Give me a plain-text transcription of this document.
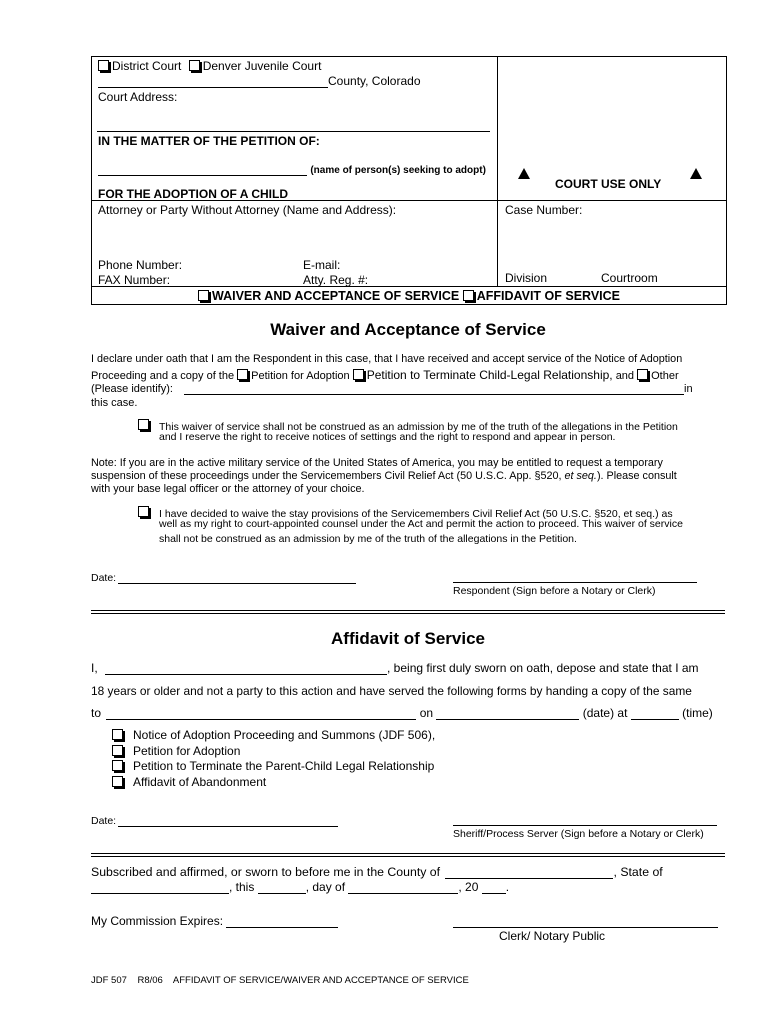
District Court Denver Juvenile Court
County, Colorado
Court Address:
IN THE MATTER OF THE PETITION OF:
(name of person(s) seeking to adopt)
FOR THE ADOPTION OF A CHILD
COURT USE ONLY
Attorney or Party Without Attorney (Name and Address):	Case Number:
Phone Number:	E-mail:
FAX Number:	Atty. Reg. #:	Division	Courtroom
WAIVER AND ACCEPTANCE OF SERVICE AFFIDAVIT OF SERVICE
Waiver and Acceptance of Service
I declare under oath that I am the Respondent in this case, that I have received and accept service of the Notice of Adoption
Proceeding and a copy of the Petition for Adoption Petition to Terminate Child-Legal Relationship, and Other
(Please identify):	in
this case.
This waiver of service shall not be construed as an admission by me of the truth of the allegations in the Petition
and I reserve the right to receive notices of settings and the right to respond and appear in person.
Note: If you are in the active military service of the United States of America, you may be entitled to request a temporary
suspension of these proceedings under the Servicemembers Civil Relief Act (50 U.S.C. App. §520, et seq.). Please consult
with your base legal officer or the attorney of your choice.
I have decided to waive the stay provisions of the Servicemembers Civil Relief Act (50 U.S.C. §520, et seq.) as
well as my right to court-appointed counsel under the Act and permit the action to proceed. This waiver of service
shall not be construed as an admission by me of the truth of the allegations in the Petition.
Date:
Respondent (Sign before a Notary or Clerk)
Affidavit of Service
I,	, being first duly sworn on oath, depose and state that I am
18 years or older and not a party to this action and have served the following forms by handing a copy of the same
to	on	(date) at	(time)
Notice of Adoption Proceeding and Summons (JDF 506),
Petition for Adoption
Petition to Terminate the Parent-Child Legal Relationship
Affidavit of Abandonment
Date:
Sheriff/Process Server (Sign before a Notary or Clerk)
Subscribed and affirmed, or sworn to before me in the County of	, State of
, this	, day of	, 20 .
My Commission Expires:
Clerk/ Notary Public
JDF 507 R8/06 AFFIDAVIT OF SERVICE/WAIVER AND ACCEPTANCE OF SERVICE
